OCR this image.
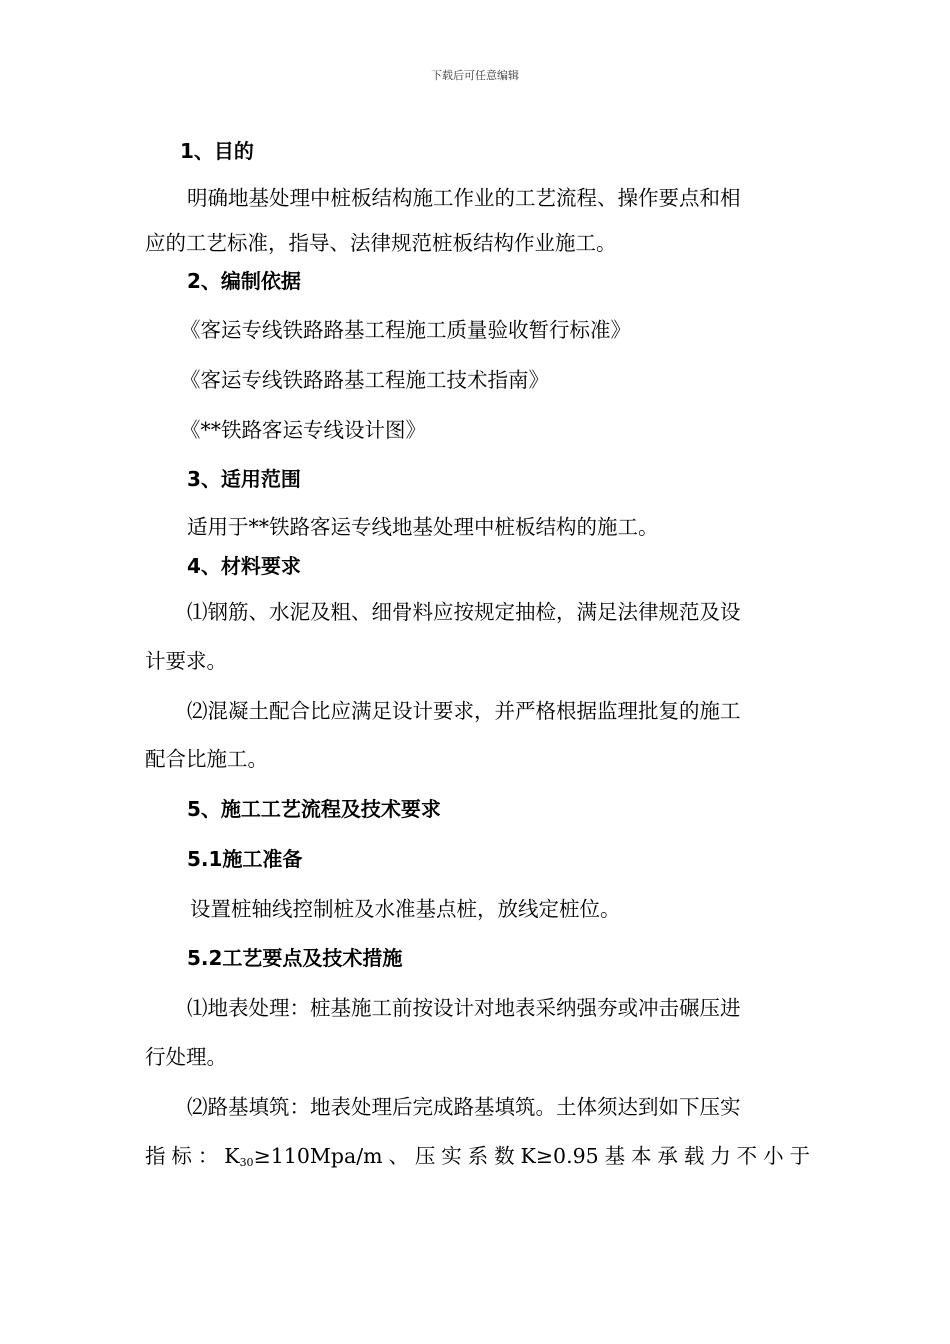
下载后可任意编辑
1、目的
明确地基处理中桩板结构施工作业的工艺流程、操作要点和相
应的工艺标准，指导、法律规范桩板结构作业施工。
2、编制依据
《客运专线铁路路基工程施工质量验收暂行标准》
《客运专线铁路路基工程施工技术指南》
《**铁路客运专线设计图》
3、适用范围
适用于**铁路客运专线地基处理中桩板结构的施工。
4、材料要求
⑴钢筋、水泥及粗、细骨料应按规定抽检，满足法律规范及设
计要求。
⑵混凝土配合比应满足设计要求，并严格根据监理批复的施工
配合比施工。
5、施工工艺流程及技术要求
5.1施工准备
设置桩轴线控制桩及水准基点桩，放线定桩位。
5.2工艺要点及技术措施
⑴地表处理：桩基施工前按设计对地表采纳强夯或冲击碾压进
行处理。
⑵路基填筑：地表处理后完成路基填筑。土体须达到如下压实
指标：$K_{30}\ge 110Mpa/m$、压实系数K≥0.95基本承载力不小于
